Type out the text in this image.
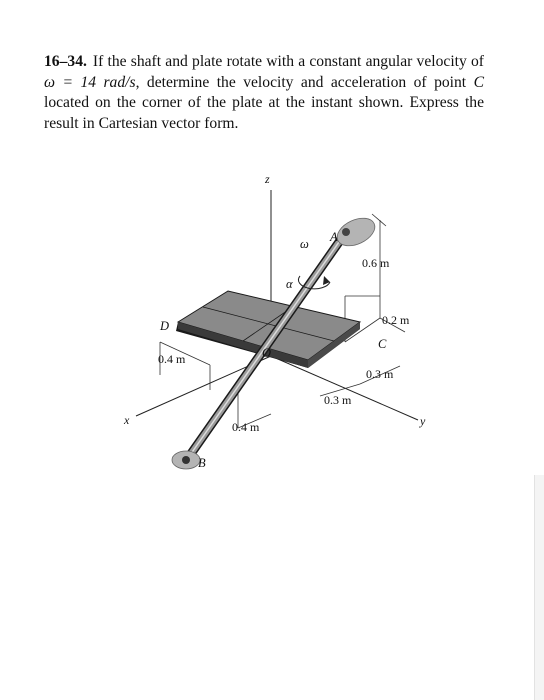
16–34. If the shaft and plate rotate with a constant angular velocity of ω = 14 rad/s, determine the velocity and acceleration of point C located on the corner of the plate at the instant shown. Express the result in Cartesian vector form.
0.6 m
0.2 m
0.3 m
0.3 m
0.4 m
0.4 m
z
y
x
A
B
C
D
O
ω
α
